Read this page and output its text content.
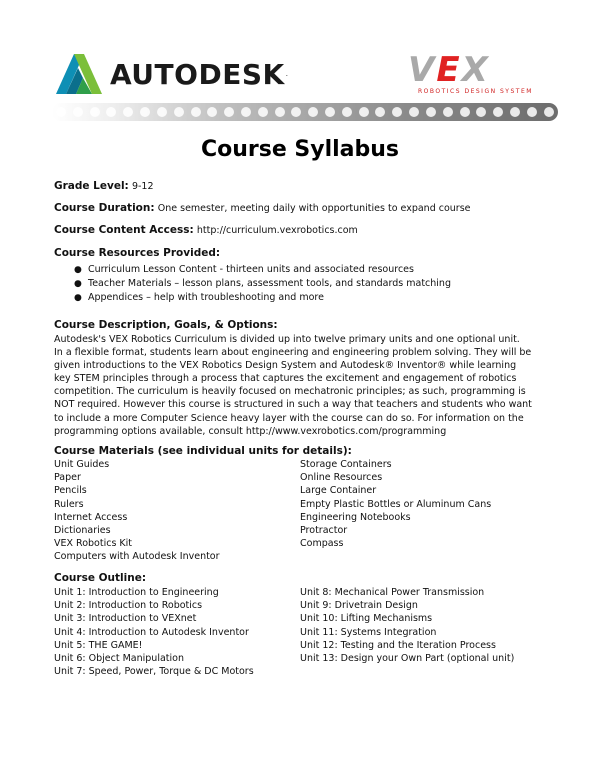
AUTODESK .	VEX
ROBOTICS DESIGN SYSTEM
Course Syllabus
Grade Level: 9-12
Course Duration: One semester, meeting daily with opportunities to expand course
Course Content Access: http://curriculum.vexrobotics.com
Course Resources Provided:
● Curriculum Lesson Content - thirteen units and associated resources
● Teacher Materials – lesson plans, assessment tools, and standards matching
● Appendices – help with troubleshooting and more
Course Description, Goals, & Options:
Autodesk's VEX Robotics Curriculum is divided up into twelve primary units and one optional unit.
In a flexible format, students learn about engineering and engineering problem solving. They will be
given introductions to the VEX Robotics Design System and Autodesk® Inventor® while learning
key STEM principles through a process that captures the excitement and engagement of robotics
competition. The curriculum is heavily focused on mechatronic principles; as such, programming is
NOT required. However this course is structured in such a way that teachers and students who want
to include a more Computer Science heavy layer with the course can do so. For information on the
programming options available, consult http://www.vexrobotics.com/programming
Course Materials (see individual units for details):
Unit Guides
Paper
Pencils
Rulers
Internet Access
Dictionaries
VEX Robotics Kit
Computers with Autodesk Inventor
Storage Containers
Online Resources
Large Container
Empty Plastic Bottles or Aluminum Cans
Engineering Notebooks
Protractor
Compass
Course Outline:
Unit 1: Introduction to Engineering
Unit 2: Introduction to Robotics
Unit 3: Introduction to VEXnet
Unit 4: Introduction to Autodesk Inventor
Unit 5: THE GAME!
Unit 6: Object Manipulation
Unit 7: Speed, Power, Torque & DC Motors
Unit 8: Mechanical Power Transmission
Unit 9: Drivetrain Design
Unit 10: Lifting Mechanisms
Unit 11: Systems Integration
Unit 12: Testing and the Iteration Process
Unit 13: Design your Own Part (optional unit)
